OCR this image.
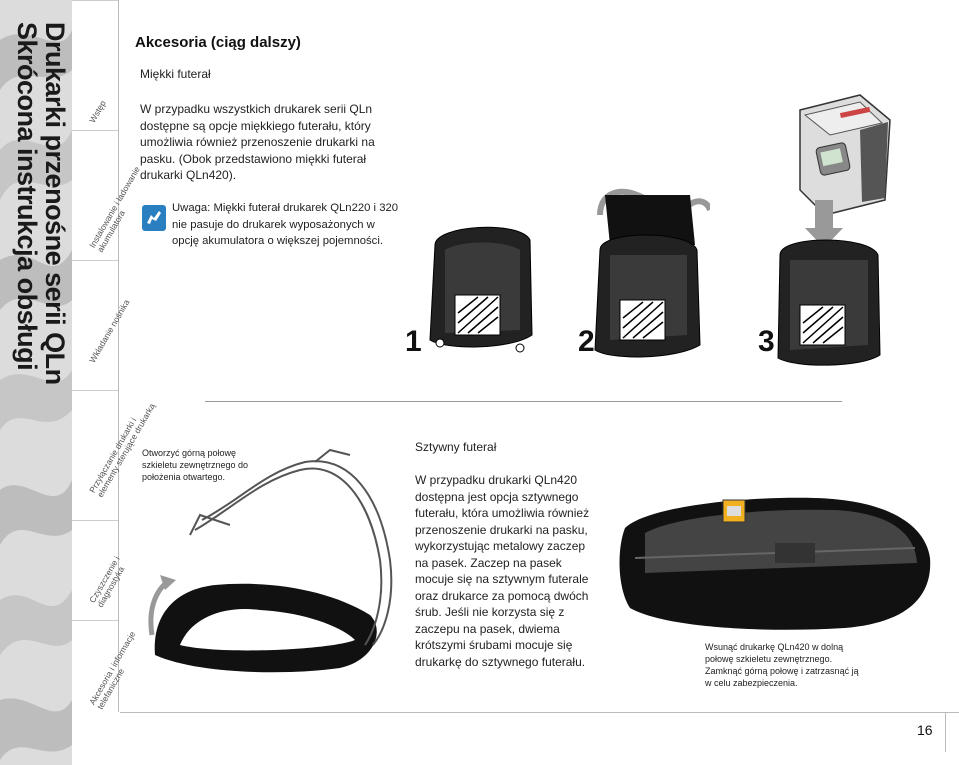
Drukarki przenośne serii QLn
Skrócona instrukcja obsługi	Wstęp
Instalowanie i ładowanie akumulatora
Wkładanie nośnika
Przyłączanie drukarki i elementy sterujące drukarką
Czyszczenie i diagnostyka
Akcesoria i informacje telefaniczne
Akcesoria (ciąg dalszy)
Miękki futerał
W przypadku wszystkich drukarek serii QLn dostępne są opcje miękkiego futerału, który umożliwia również przenoszenie drukarki na pasku. (Obok przedstawiono miękki futerał drukarki QLn420).
Uwaga: Miękki futerał drukarek QLn220 i 320 nie pasuje do drukarek wyposażonych w opcję akumulatora o większej pojemności.
1	2	3
Otworzyć górną połowę szkieletu zewnętrznego do położenia otwartego.
Sztywny futerał
W przypadku drukarki QLn420 dostępna jest opcja sztywnego futerału, która umożliwia również przenoszenie drukarki na pasku, wykorzystując metalowy zaczep na pasek. Zaczep na pasek mocuje się na sztywnym futerale oraz drukarce za pomocą dwóch śrub. Jeśli nie korzysta się z zaczepu na pasek, dwiema krótszymi śrubami mocuje się drukarkę do sztywnego futerału.
Wsunąć drukarkę QLn420 w dolną połowę szkieletu zewnętrznego. Zamknąć górną połowę i zatrzasnąć ją w celu zabezpieczenia.
16
